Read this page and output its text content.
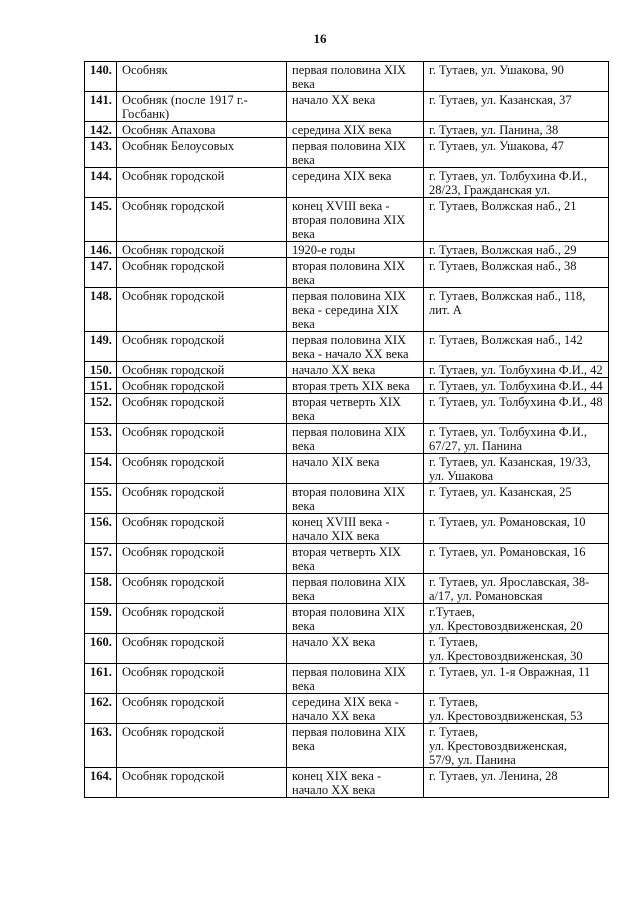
16
140.	Особняк	первая половина XIX века	г. Тутаев, ул. Ушакова, 90
141.	Особняк (после 1917 г.-
Госбанк)	начало XX века	г. Тутаев, ул. Казанская, 37
142.	Особняк Апахова	середина XIX века	г. Тутаев, ул. Панина, 38
143.	Особняк Белоусовых	первая половина XIX века	г. Тутаев, ул. Ушакова, 47
144.	Особняк городской	середина XIX века	г. Тутаев, ул. Толбухина Ф.И., 28/23, Гражданская ул.
145.	Особняк городской	конец XVIII века -
вторая половина XIX века	г. Тутаев, Волжская наб., 21
146.	Особняк городской	1920-е годы	г. Тутаев, Волжская наб., 29
147.	Особняк городской	вторая половина XIX века	г. Тутаев, Волжская наб., 38
148.	Особняк городской	первая половина XIX века - середина XIX века	г. Тутаев, Волжская наб., 118, лит. А
149.	Особняк городской	первая половина XIX века - начало XX века	г. Тутаев, Волжская наб., 142
150.	Особняк городской	начало XX века	г. Тутаев, ул. Толбухина Ф.И., 42
151.	Особняк городской	вторая треть XIX века	г. Тутаев, ул. Толбухина Ф.И., 44
152.	Особняк городской	вторая четверть XIX века	г. Тутаев, ул. Толбухина Ф.И., 48
153.	Особняк городской	первая половина XIX века	г. Тутаев, ул. Толбухина Ф.И., 67/27, ул. Панина
154.	Особняк городской	начало XIX века	г. Тутаев, ул. Казанская, 19/33, ул. Ушакова
155.	Особняк городской	вторая половина XIX века	г. Тутаев, ул. Казанская, 25
156.	Особняк городской	конец XVIII века -
начало XIX века	г. Тутаев, ул. Романовская, 10
157.	Особняк городской	вторая четверть XIX века	г. Тутаев, ул. Романовская, 16
158.	Особняк городской	первая половина XIX века	г. Тутаев, ул. Ярославская, 38-а/17, ул. Романовская
159.	Особняк городской	вторая половина XIX века	г.Тутаев,
ул. Крестовоздвиженская, 20
160.	Особняк городской	начало XX века	г. Тутаев,
ул. Крестовоздвиженская, 30
161.	Особняк городской	первая половина XIX века	г. Тутаев, ул. 1-я Овражная, 11
162.	Особняк городской	середина XIX века -
начало XX века	г. Тутаев,
ул. Крестовоздвиженская, 53
163.	Особняк городской	первая половина XIX века	г. Тутаев,
ул. Крестовоздвиженская,
57/9, ул. Панина
164.	Особняк городской	конец XIX века -
начало XX века	г. Тутаев, ул. Ленина, 28
